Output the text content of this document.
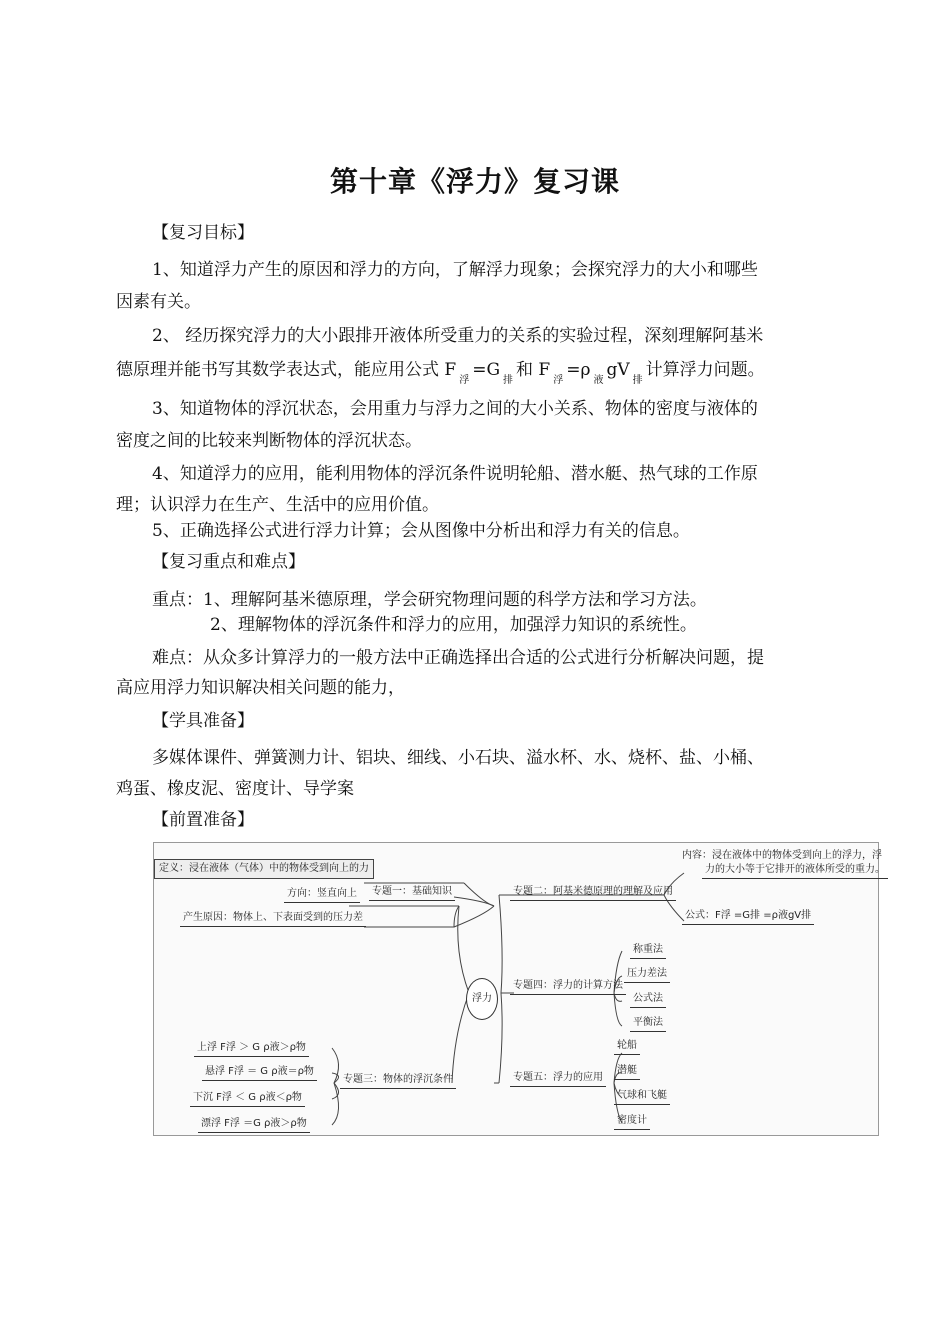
第十章《浮力》复习课
【复习目标】
1、知道浮力产生的原因和浮力的方向，了解浮力现象；会探究浮力的大小和哪些
因素有关。
2、 经历探究浮力的大小跟排开液体所受重力的关系的实验过程，深刻理解阿基米
德原理并能书写其数学表达式，能应用公式 $F_浮=G_排$和 $F_浮=\rho_液gV_排$计算浮力问题。
3、知道物体的浮沉状态，会用重力与浮力之间的大小关系、物体的密度与液体的
密度之间的比较来判断物体的浮沉状态。
4、知道浮力的应用，能利用物体的浮沉条件说明轮船、潜水艇、热气球的工作原
理；认识浮力在生产、生活中的应用价值。
5、正确选择公式进行浮力计算；会从图像中分析出和浮力有关的信息。
【复习重点和难点】
重点：1、理解阿基米德原理，学会研究物理问题的科学方法和学习方法。
2、理解物体的浮沉条件和浮力的应用，加强浮力知识的系统性。
难点：从众多计算浮力的一般方法中正确选择出合适的公式进行分析解决问题，提
高应用浮力知识解决相关问题的能力，
【学具准备】
多媒体课件、弹簧测力计、铝块、细线、小石块、溢水杯、水、烧杯、盐、小桶、
鸡蛋、橡皮泥、密度计、导学案
【前置准备】
浮力
专题一：基础知识
定义：浸在液体（气体）中的物体受到向上的力
方向：竖直向上
产生原因：物体上、下表面受到的压力差
专题二：阿基米德原理的理解及应用
内容：浸在液体中的物体受到向上的浮力，浮
力的大小等于它排开的液体所受的重力。
公式：F浮 =G排 =ρ液gV排
专题四：浮力的计算方法
称重法
压力差法
公式法
平衡法
专题五：浮力的应用
轮船
潜艇
气球和飞艇
密度计
专题三：物体的浮沉条件
上浮 F浮 ＞ G ρ液＞ρ物
悬浮 F浮 ＝ G ρ液＝ρ物
下沉 F浮 ＜ G ρ液＜ρ物
漂浮 F浮 ＝G ρ液＞ρ物
